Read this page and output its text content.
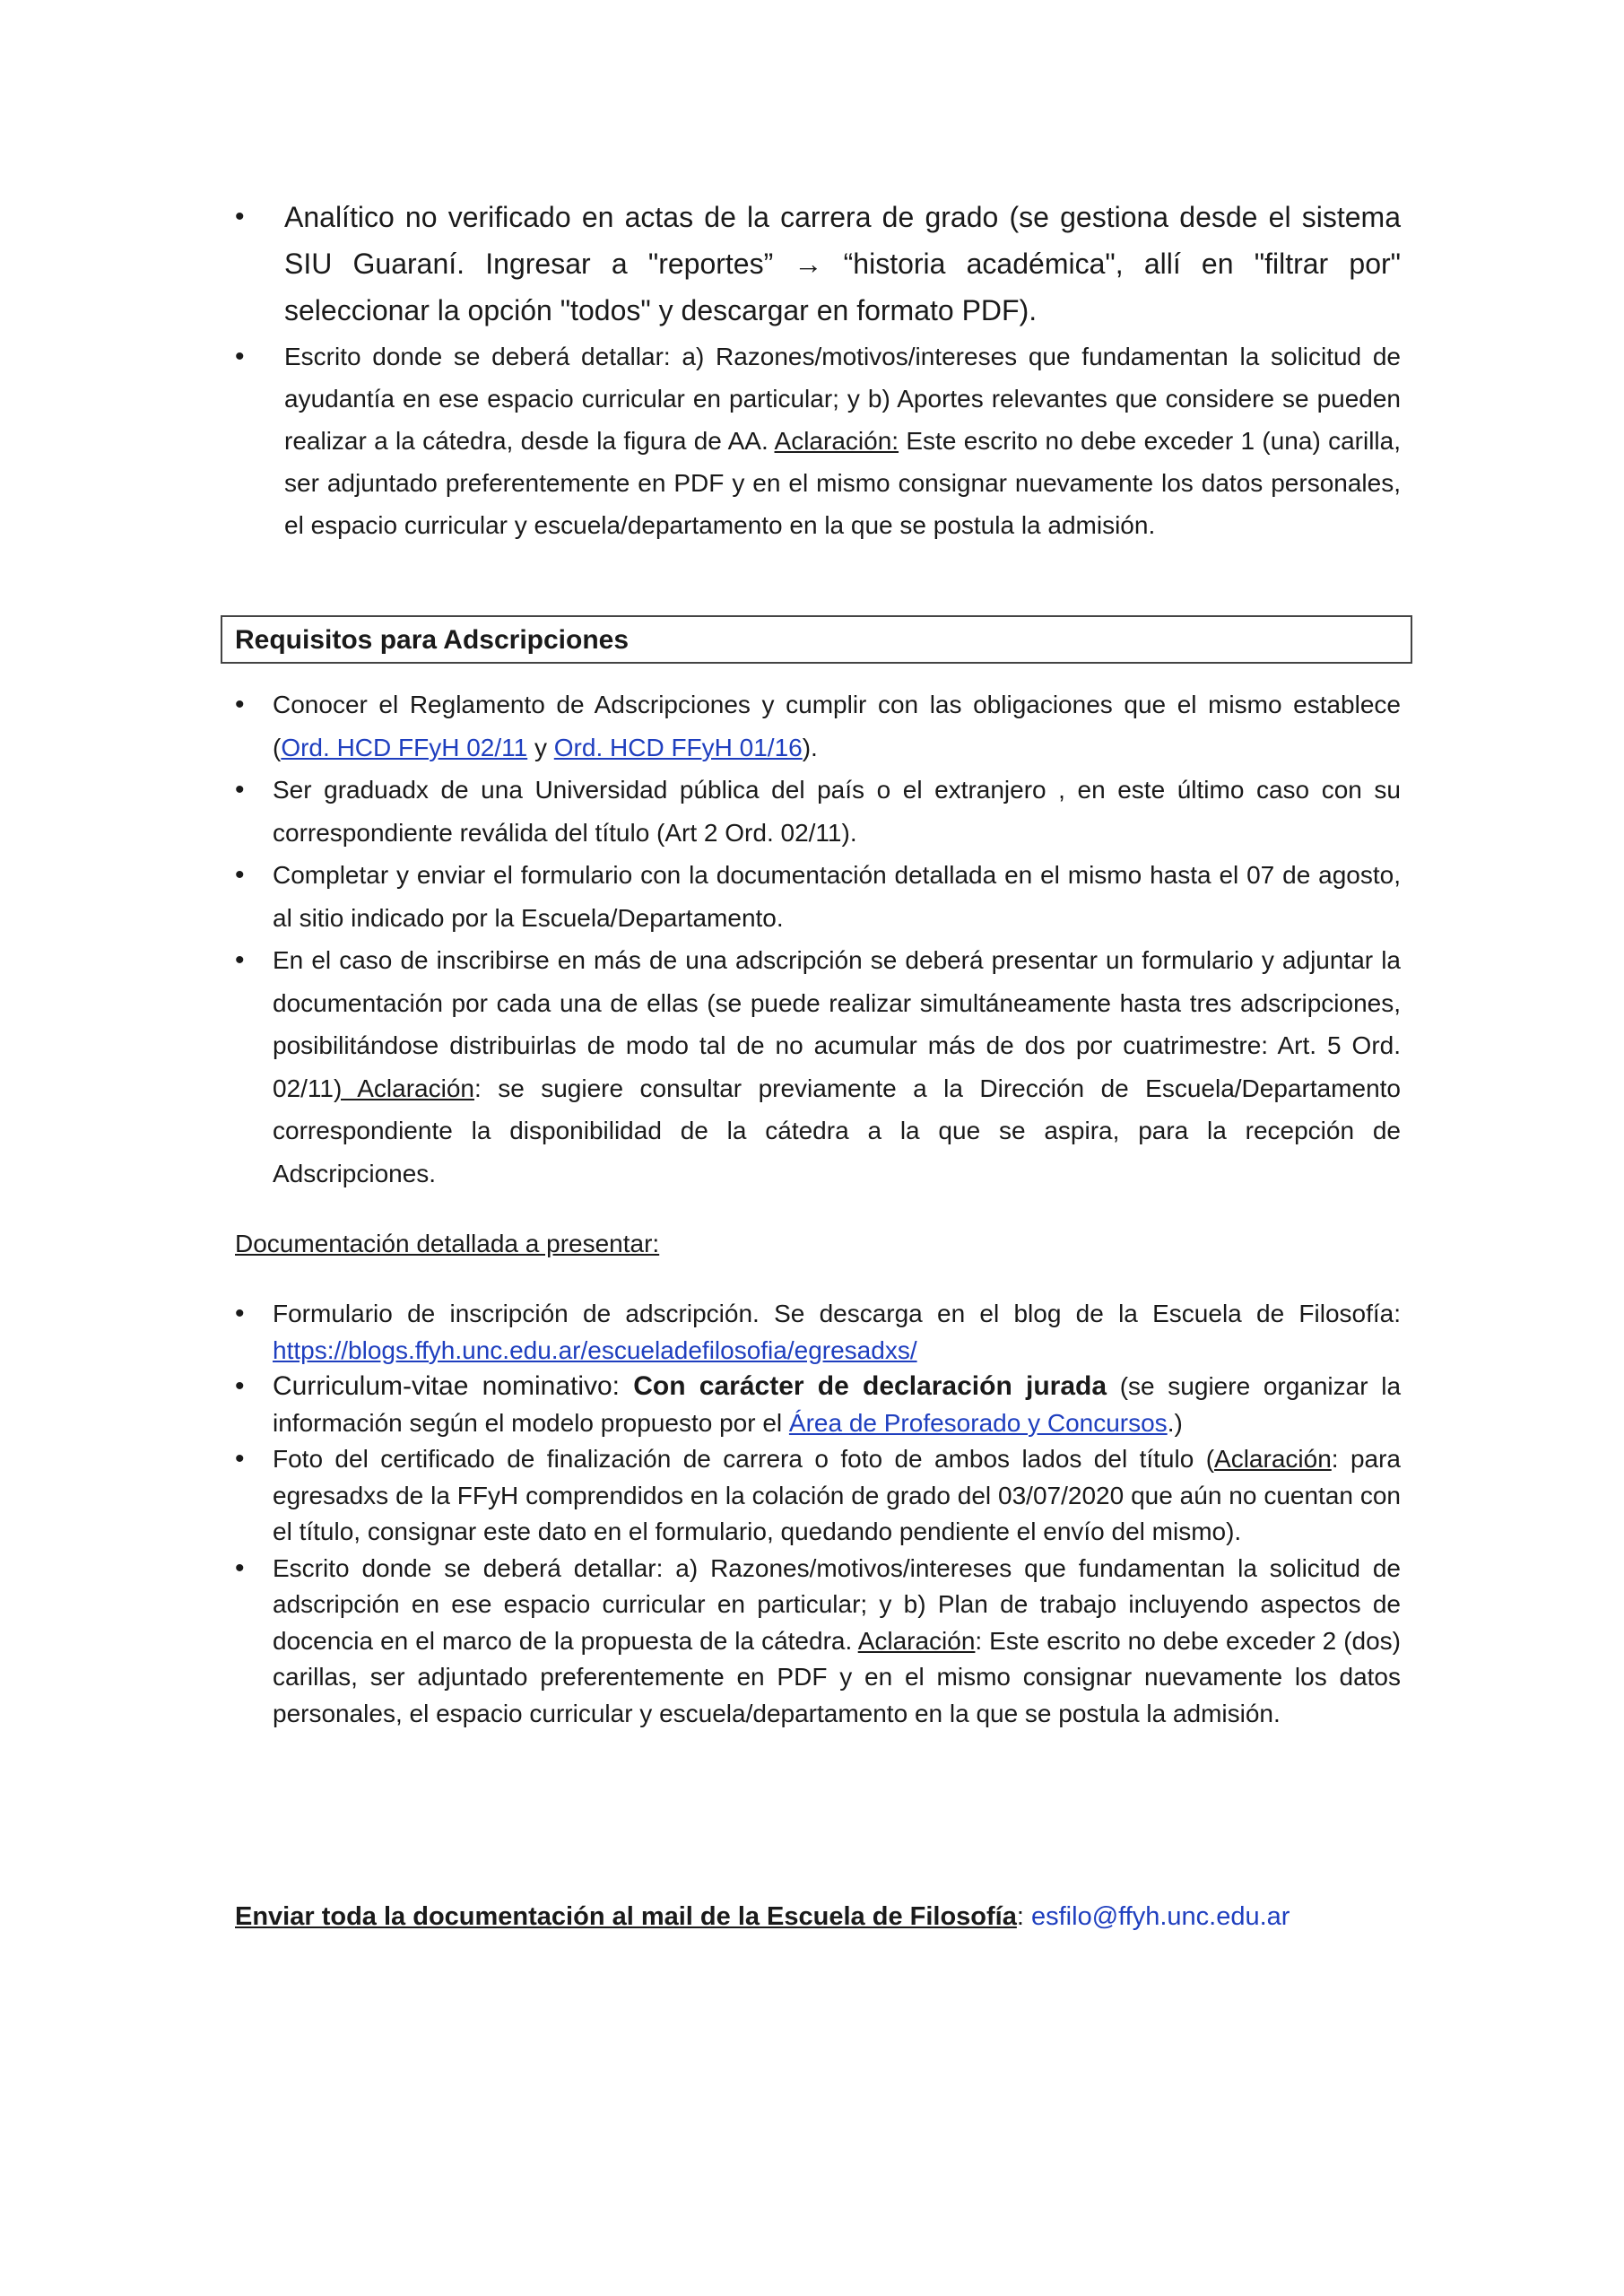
• Analítico no verificado en actas de la carrera de grado (se gestiona desde el sistema SIU Guaraní. Ingresar a "reportes” → “historia académica", allí en "filtrar por" seleccionar la opción "todos" y descargar en formato PDF).
• Escrito donde se deberá detallar: a) Razones/motivos/intereses que fundamentan la solicitud de ayudantía en ese espacio curricular en particular; y b) Aportes relevantes que considere se pueden realizar a la cátedra, desde la figura de AA. Aclaración: Este escrito no debe exceder 1 (una) carilla, ser adjuntado preferentemente en PDF y en el mismo consignar nuevamente los datos personales, el espacio curricular y escuela/departamento en la que se postula la admisión.
Requisitos para Adscripciones
• Conocer el Reglamento de Adscripciones y cumplir con las obligaciones que el mismo establece (Ord. HCD FFyH 02/11 y Ord. HCD FFyH 01/16).
• Ser graduadx de una Universidad pública del país o el extranjero , en este último caso con su correspondiente reválida del título (Art 2 Ord. 02/11).
• Completar y enviar el formulario con la documentación detallada en el mismo hasta el 07 de agosto, al sitio indicado por la Escuela/Departamento.
• En el caso de inscribirse en más de una adscripción se deberá presentar un formulario y adjuntar la documentación por cada una de ellas (se puede realizar simultáneamente hasta tres adscripciones, posibilitándose distribuirlas de modo tal de no acumular más de dos por cuatrimestre: Art. 5 Ord. 02/11) Aclaración: se sugiere consultar previamente a la Dirección de Escuela/Departamento correspondiente la disponibilidad de la cátedra a la que se aspira, para la recepción de Adscripciones.
Documentación detallada a presentar:
• Formulario de inscripción de adscripción. Se descarga en el blog de la Escuela de Filosofía: https://blogs.ffyh.unc.edu.ar/escueladefilosofia/egresadxs/
• Curriculum-vitae nominativo: Con carácter de declaración jurada (se sugiere organizar la información según el modelo propuesto por el Área de Profesorado y Concursos.)
• Foto del certificado de finalización de carrera o foto de ambos lados del título (Aclaración: para egresadxs de la FFyH comprendidos en la colación de grado del 03/07/2020 que aún no cuentan con el título, consignar este dato en el formulario, quedando pendiente el envío del mismo).
• Escrito donde se deberá detallar: a) Razones/motivos/intereses que fundamentan la solicitud de adscripción en ese espacio curricular en particular; y b) Plan de trabajo incluyendo aspectos de docencia en el marco de la propuesta de la cátedra. Aclaración: Este escrito no debe exceder 2 (dos) carillas, ser adjuntado preferentemente en PDF y en el mismo consignar nuevamente los datos personales, el espacio curricular y escuela/departamento en la que se postula la admisión.
Enviar toda la documentación al mail de la Escuela de Filosofía: esfilo@ffyh.unc.edu.ar
